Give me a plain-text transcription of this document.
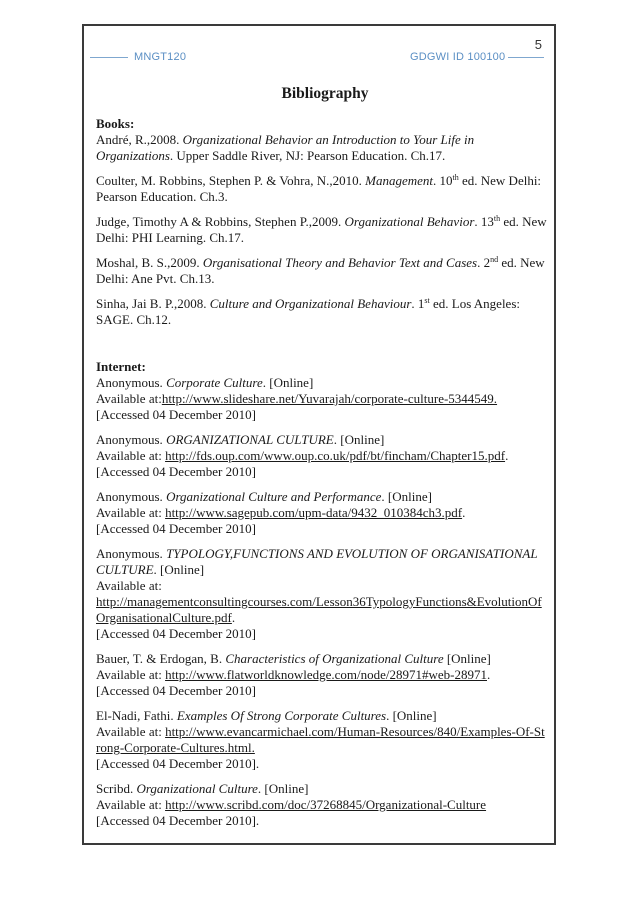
5
MNGT120	GDGWI ID 100100
Bibliography
Books:
André, R.,2008. Organizational Behavior an Introduction to Your Life in Organizations. Upper Saddle River, NJ: Pearson Education. Ch.17.
Coulter, M. Robbins, Stephen P. & Vohra, N.,2010. Management. 10th ed. New Delhi: Pearson Education. Ch.3.
Judge, Timothy A & Robbins, Stephen P.,2009. Organizational Behavior. 13th ed. New Delhi: PHI Learning. Ch.17.
Moshal, B. S.,2009. Organisational Theory and Behavior Text and Cases. 2nd ed. New Delhi: Ane Pvt. Ch.13.
Sinha, Jai B. P.,2008. Culture and Organizational Behaviour. 1st ed. Los Angeles: SAGE. Ch.12.
Internet:
Anonymous. Corporate Culture. [Online]
Available at:http://www.slideshare.net/Yuvarajah/corporate-culture-5344549.
[Accessed 04 December 2010]
Anonymous. ORGANIZATIONAL CULTURE. [Online]
Available at: http://fds.oup.com/www.oup.co.uk/pdf/bt/fincham/Chapter15.pdf.
[Accessed 04 December 2010]
Anonymous. Organizational Culture and Performance. [Online]
Available at: http://www.sagepub.com/upm-data/9432_010384ch3.pdf.
[Accessed 04 December 2010]
Anonymous. TYPOLOGY,FUNCTIONS AND EVOLUTION OF ORGANISATIONAL CULTURE. [Online]
Available at:
http://managementconsultingcourses.com/Lesson36TypologyFunctions&EvolutionOfOrganisationalCulture.pdf.
[Accessed 04 December 2010]
Bauer, T. & Erdogan, B. Characteristics of Organizational Culture [Online]
Available at: http://www.flatworldknowledge.com/node/28971#web-28971.
[Accessed 04 December 2010]
El-Nadi, Fathi. Examples Of Strong Corporate Cultures. [Online]
Available at: http://www.evancarmichael.com/Human-Resources/840/Examples-Of-Strong-Corporate-Cultures.html.
[Accessed 04 December 2010].
Scribd. Organizational Culture. [Online]
Available at: http://www.scribd.com/doc/37268845/Organizational-Culture
[Accessed 04 December 2010].
